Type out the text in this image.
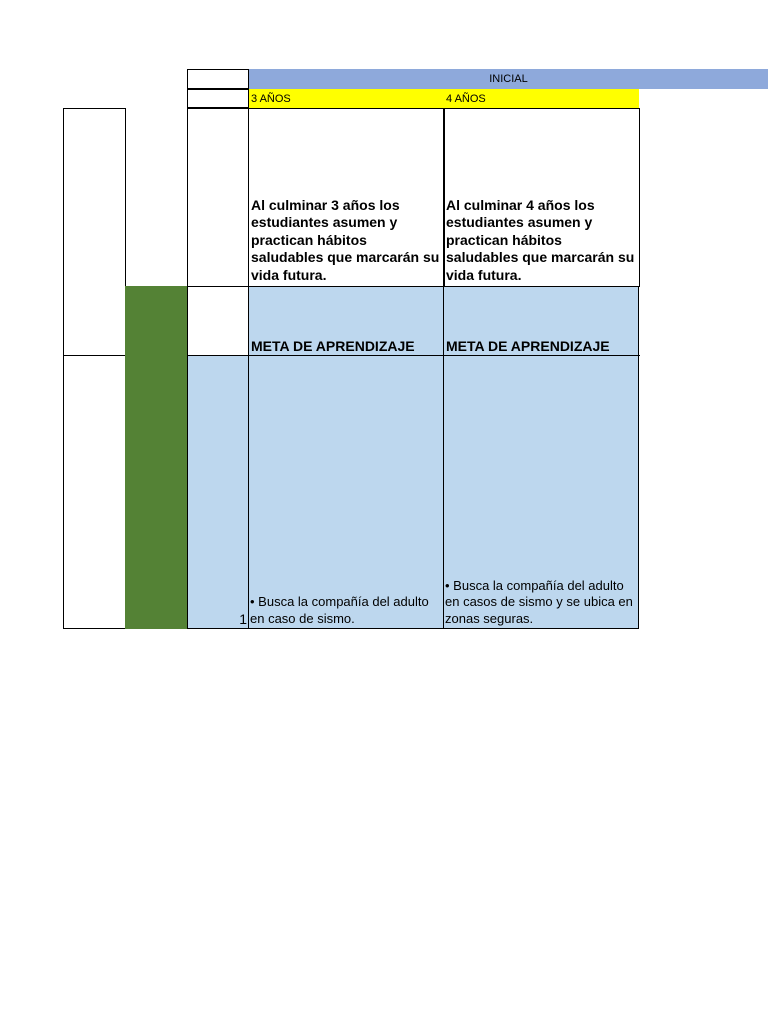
INICIAL
3 AÑOS	4 AÑOS
Al culminar 3 años los estudiantes asumen y practican hábitos saludables que marcarán su vida futura.
Al culminar 4 años los estudiantes asumen y practican hábitos saludables que marcarán su vida futura.
META DE APRENDIZAJE META DE APRENDIZAJE
1
• Busca la compañía del adulto en caso de sismo.
• Busca la compañía del adulto en casos de sismo y se ubica en zonas seguras.
